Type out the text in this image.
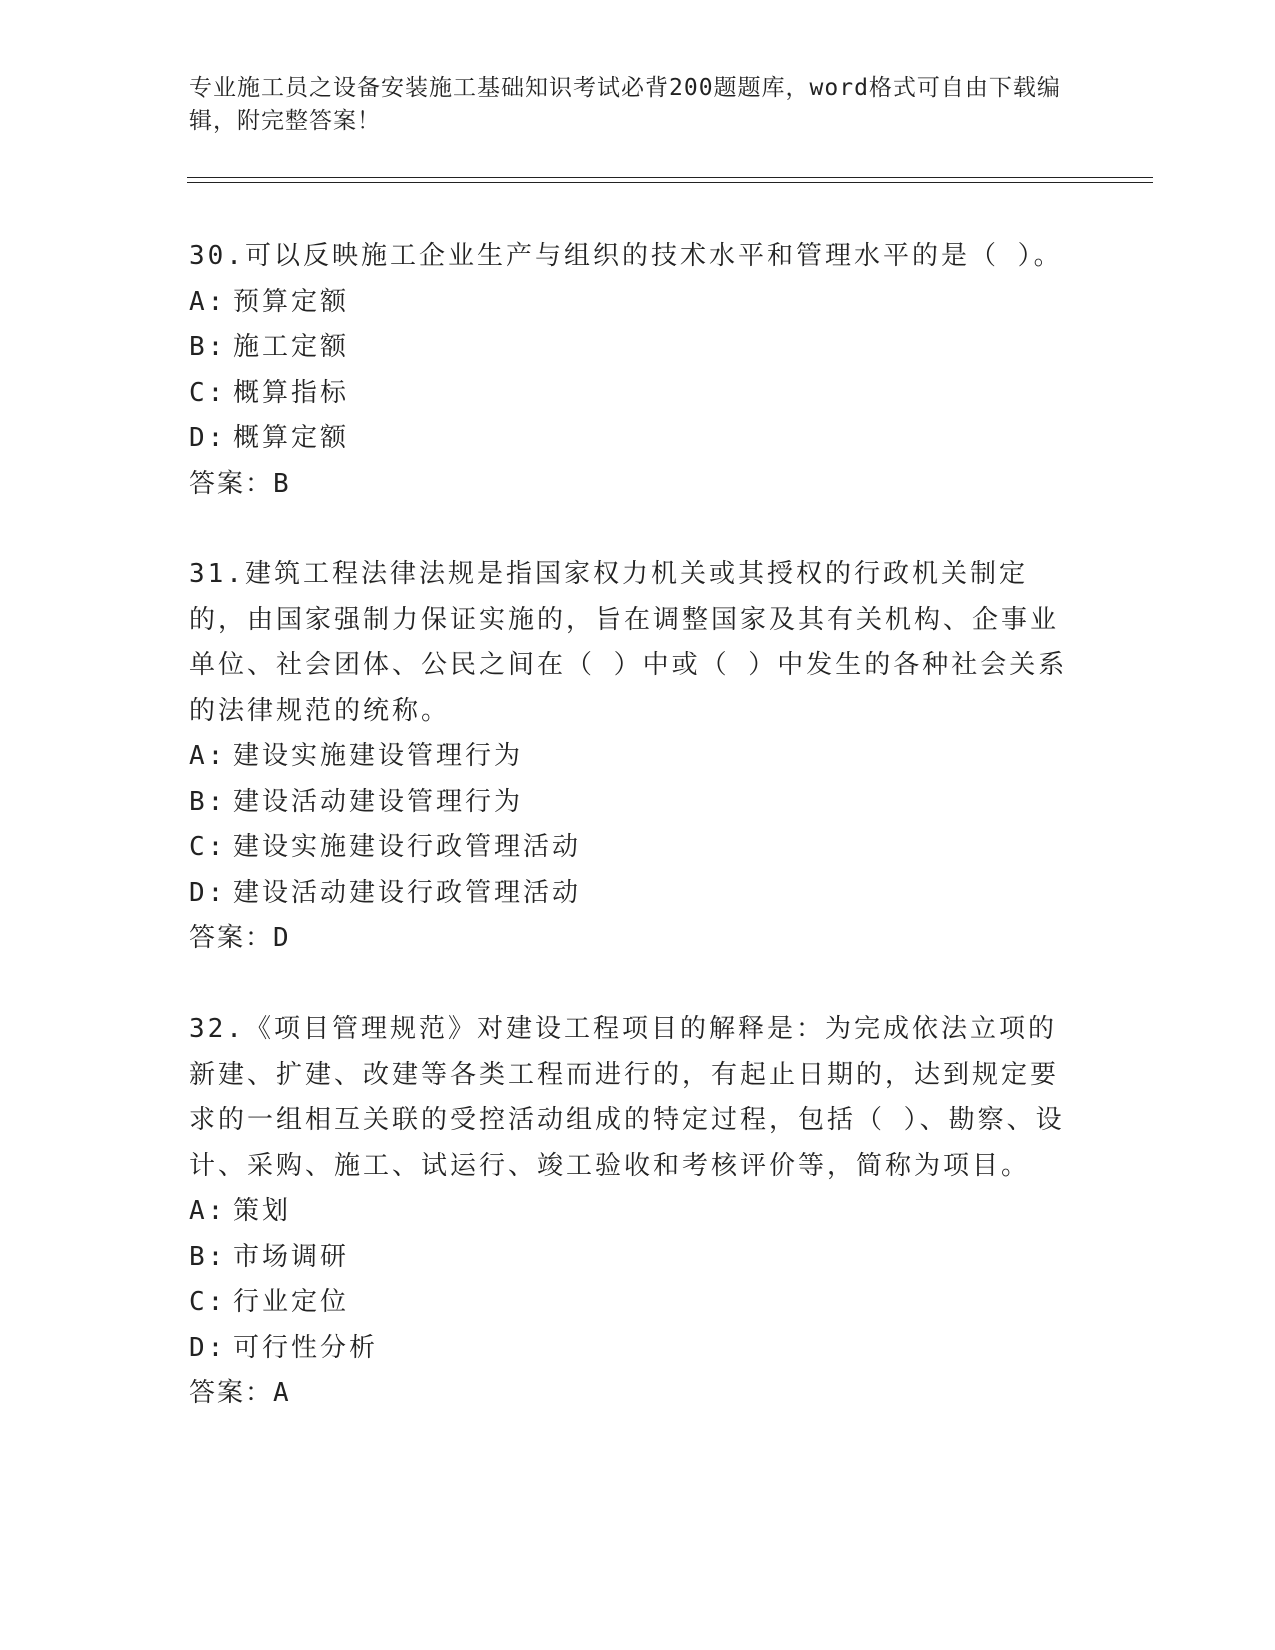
专业施工员之设备安装施工基础知识考试必背200题题库，word格式可自由下载编辑，附完整答案！

30.可以反映施工企业生产与组织的技术水平和管理水平的是（ ）。

A: 预算定额

B: 施工定额

C: 概算指标

D: 概算定额

答案：B

31.建筑工程法律法规是指国家权力机关或其授权的行政机关制定的，由国家强制力保证实施的，旨在调整国家及其有关机构、企事业单位、社会团体、公民之间在（ ）中或（ ）中发生的各种社会关系的法律规范的统称。

A: 建设实施建设管理行为

B: 建设活动建设管理行为

C: 建设实施建设行政管理活动

D: 建设活动建设行政管理活动

答案：D

32.《项目管理规范》对建设工程项目的解释是：为完成依法立项的新建、扩建、改建等各类工程而进行的，有起止日期的，达到规定要求的一组相互关联的受控活动组成的特定过程，包括（ ）、勘察、设计、采购、施工、试运行、竣工验收和考核评价等，简称为项目。

A: 策划

B: 市场调研

C: 行业定位

D: 可行性分析

答案：A
